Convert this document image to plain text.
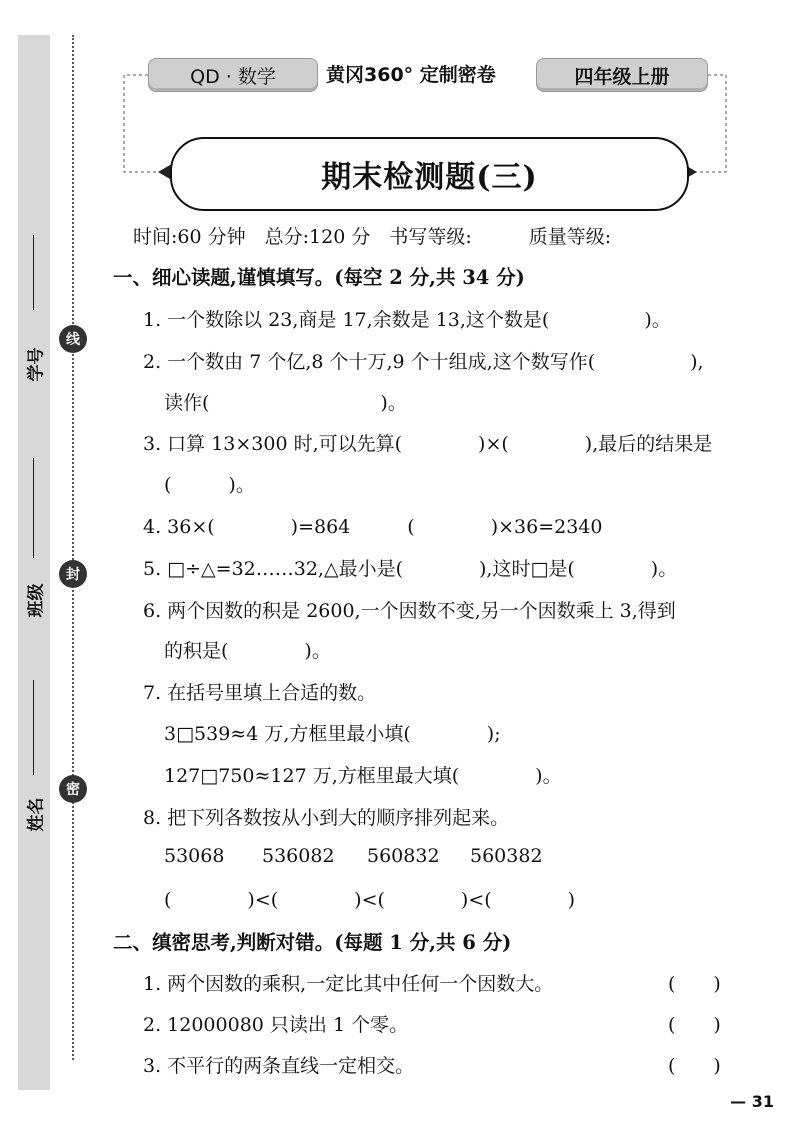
学号
班级
姓名
线
封
密
QD · 数学	黄冈360° 定制密卷	四年级上册
期末检测题(三)
时间:60 分钟　总分:120 分　书写等级:　　　质量等级:
一、细心读题,谨慎填写。(每空 2 分,共 34 分)
1. 一个数除以 23,商是 17,余数是 13,这个数是(　　　　　)。
2. 一个数由 7 个亿,8 个十万,9 个十组成,这个数写作(　　　　　),
读作(　　　　　　　　　)。
3. 口算 13×300 时,可以先算(　　　　)×(　　　　),最后的结果是
(　　　)。
4. 36×(　　　　)=864　　　(　　　　)×36=2340
5. □÷△=32……32,△最小是(　　　　),这时□是(　　　　)。
6. 两个因数的积是 2600,一个因数不变,另一个因数乘上 3,得到
的积是(　　　　)。
7. 在括号里填上合适的数。
3□539≈4 万,方框里最小填(　　　　);
127□750≈127 万,方框里最大填(　　　　)。
8. 把下列各数按从小到大的顺序排列起来。
53068 536082 560832 560382
(　　　　)<(　　　　)<(　　　　)<(　　　　)
二、缜密思考,判断对错。(每题 1 分,共 6 分)
1. 两个因数的乘积,一定比其中任何一个因数大。	(　　)
2. 12000080 只读出 1 个零。	(　　)
3. 不平行的两条直线一定相交。	(　　)
— 31
